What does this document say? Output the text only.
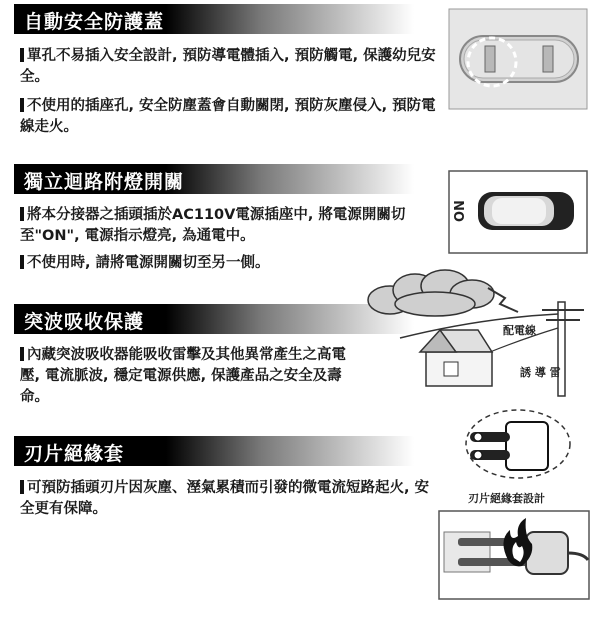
自動安全防護蓋
單孔不易插入安全設計, 預防導電體插入, 預防觸電, 保護幼兒安全。
不使用的插座孔, 安全防塵蓋會自動關閉, 預防灰塵侵入, 預防電線走火。
獨立迴路附燈開關
將本分接器之插頭插於AC110V電源插座中, 將電源開關切至"ON", 電源指示燈亮, 為通電中。
不使用時, 請將電源開關切至另一側。
ON
突波吸收保護
內藏突波吸收器能吸收雷擊及其他異常產生之高電壓, 電流脈波, 穩定電源供應, 保護產品之安全及壽命。
配電線
誘 導 雷
刃片絕緣套
可預防插頭刃片因灰塵、溼氣累積而引發的微電流短路起火, 安全更有保障。
刃片絕緣套設計
